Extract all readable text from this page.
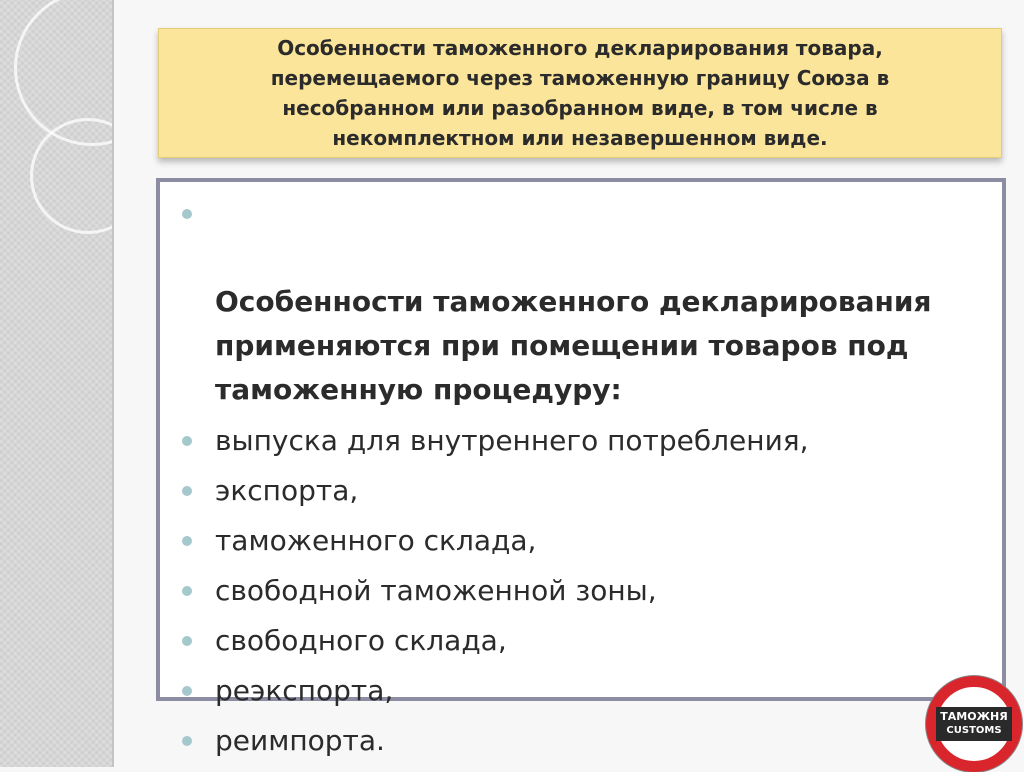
Особенности таможенного декларирования товара,
перемещаемого через таможенную границу Союза в
несобранном или разобранном виде, в том числе в
некомплектном или незавершенном виде.

Особенности таможенного декларирования
применяются при помещении товаров под
таможенную процедуру:

выпуска для внутреннего потребления,
экспорта,
таможенного склада,
свободной таможенной зоны,
свободного склада,
реэкспорта,
реимпорта.
ТАМОЖНЯ
CUSTOMS
